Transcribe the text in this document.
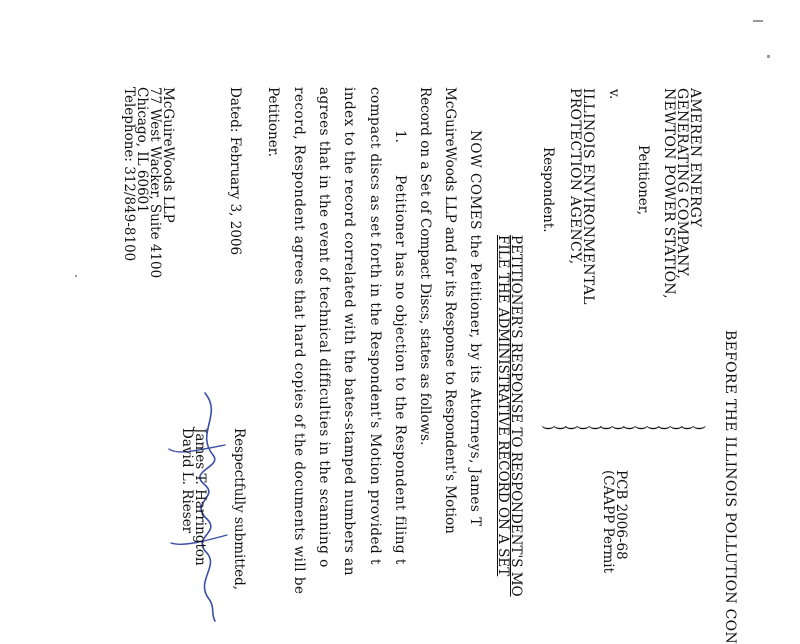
BEFORE THE ILLINOIS POLLUTION CON
AMEREN ENERGY
GENERATING COMPANY,
NEWTON POWER STATION,
Petitioner,
v.
ILLINOIS ENVIRONMENTAL
PROTECTION AGENCY,
Respondent.
)
)
)
)
)
)
)
)
)
)
)
)
)
)
PCB 2006-68
(CAAPP Permit
PETITIONER'S RESPONSE TO RESPONDENT'S MO
FILE THE ADMINISTRATIVE RECORD ON A SET
NOW COMES the Petitioner, by its Attorneys, James T
McGuireWoods LLP and for its Response to Respondent's Motion
Record on a Set of Compact Discs, states as follows.
1.
Petitioner has no objection to the Respondent filing t
compact discs as set forth in the Respondent's Motion provided t
index to the record correlated with the bates-stamped numbers an
agrees that in the event of technical difficulties in the scanning o
record, Respondent agrees that hard copies of the documents will be
Petitioner.
Respectfully submitted,
James T. Harrington
David L. Rieser
Dated: February 3, 2006
McGuireWoods LLP
77 West Wacker, Suite 4100
Chicago, IL 60601
Telephone: 312/849-8100
